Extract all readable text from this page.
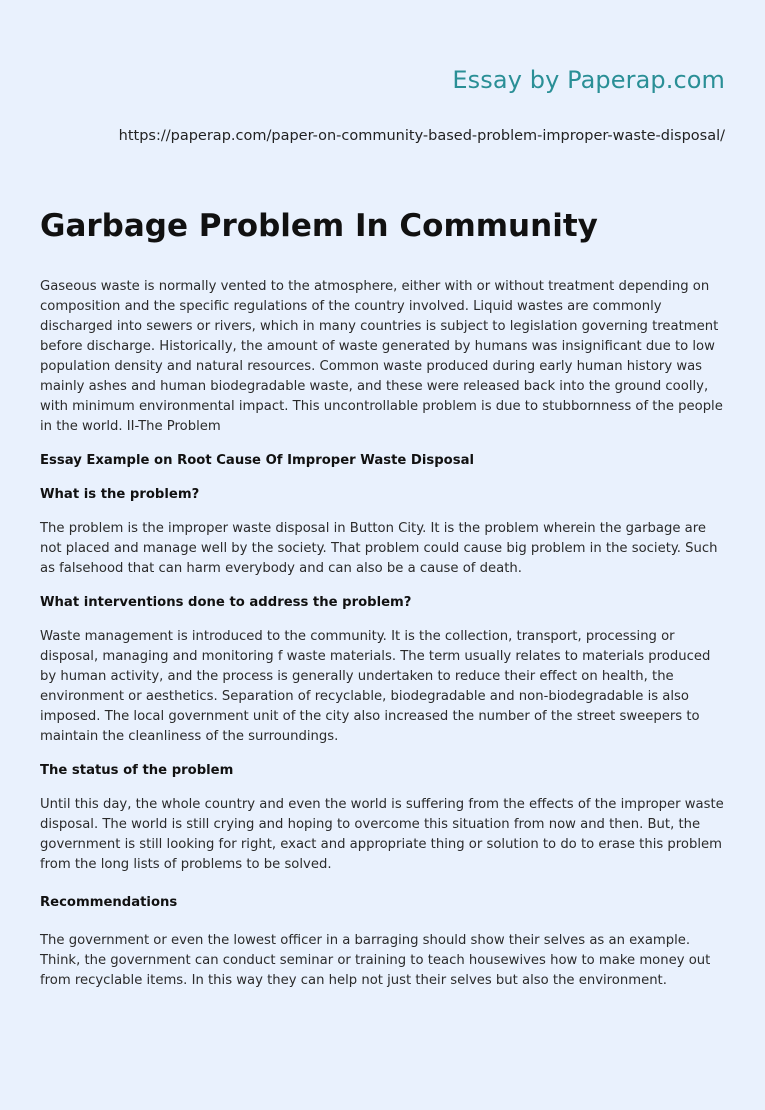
Essay by Paperap.com
https://paperap.com/paper-on-community-based-problem-improper-waste-disposal/
Garbage Problem In Community

Gaseous waste is normally vented to the atmosphere, either with or without treatment depending on composition and the specific regulations of the country involved. Liquid wastes are commonly discharged into sewers or rivers, which in many countries is subject to legislation governing treatment before discharge. Historically, the amount of waste generated by humans was insignificant due to low population density and natural resources. Common waste produced during early human history was mainly ashes and human biodegradable waste, and these were released back into the ground coolly, with minimum environmental impact. This uncontrollable problem is due to stubbornness of the people in the world. II-The Problem

Essay Example on Root Cause Of Improper Waste Disposal
What is the problem?

The problem is the improper waste disposal in Button City. It is the problem wherein the garbage are not placed and manage well by the society. That problem could cause big problem in the society. Such as falsehood that can harm everybody and can also be a cause of death.

What interventions done to address the problem?

Waste management is introduced to the community. It is the collection, transport, processing or disposal, managing and monitoring f waste materials. The term usually relates to materials produced by human activity, and the process is generally undertaken to reduce their effect on health, the environment or aesthetics. Separation of recyclable, biodegradable and non-biodegradable is also imposed. The local government unit of the city also increased the number of the street sweepers to maintain the cleanliness of the surroundings.

The status of the problem

Until this day, the whole country and even the world is suffering from the effects of the improper waste disposal. The world is still crying and hoping to overcome this situation from now and then. But, the government is still looking for right, exact and appropriate thing or solution to do to erase this problem from the long lists of problems to be solved.

Recommendations

The government or even the lowest officer in a barraging should show their selves as an example. Think, the government can conduct seminar or training to teach housewives how to make money out from recyclable items. In this way they can help not just their selves but also the environment.
